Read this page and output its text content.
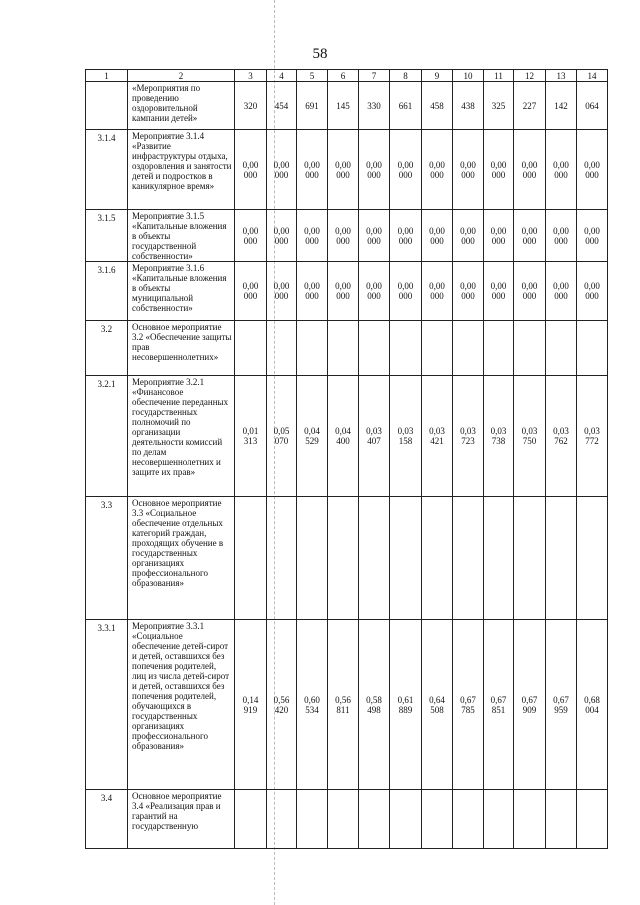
58
1	2	3	4	5	6	7	8	9	10	11	12	13	14
	«Мероприятия по проведению оздоровительной кампании детей»	320	454	691	145	330	661	458	438	325	227	142	064
3.1.4	Мероприятие 3.1.4 «Развитие инфраструктуры отдыха, оздоровления и занятости детей и подростков в каникулярное время»	0,00 000	0,00 000	0,00 000	0,00 000	0,00 000	0,00 000	0,00 000	0,00 000	0,00 000	0,00 000	0,00 000	0,00 000
3.1.5	Мероприятие 3.1.5 «Капитальные вложения в объекты государственной собственности»	0,00 000	0,00 000	0,00 000	0,00 000	0,00 000	0,00 000	0,00 000	0,00 000	0,00 000	0,00 000	0,00 000	0,00 000
3.1.6	Мероприятие 3.1.6 «Капитальные вложения в объекты муниципальной собственности»	0,00 000	0,00 000	0,00 000	0,00 000	0,00 000	0,00 000	0,00 000	0,00 000	0,00 000	0,00 000	0,00 000	0,00 000
3.2	Основное мероприятие 3.2 «Обеспечение защиты прав несовершеннолетних»												
3.2.1	Мероприятие 3.2.1 «Финансовое обеспечение переданных государственных полномочий по организации деятельности комиссий по делам несовершеннолетних и защите их прав»	0,01 313	0,05 070	0,04 529	0,04 400	0,03 407	0,03 158	0,03 421	0,03 723	0,03 738	0,03 750	0,03 762	0,03 772
3.3	Основное мероприятие 3.3 «Социальное обеспечение отдельных категорий граждан, проходящих обучение в государственных организациях профессионального образования»												
3.3.1	Мероприятие 3.3.1 «Социальное обеспечение детей-сирот и детей, оставшихся без попечения родителей, лиц из числа детей-сирот и детей, оставшихся без попечения родителей, обучающихся в государственных организациях профессионального образования»	0,14 919	0,56 420	0,60 534	0,56 811	0,58 498	0,61 889	0,64 508	0,67 785	0,67 851	0,67 909	0,67 959	0,68 004
3.4	Основное мероприятие 3.4 «Реализация прав и гарантий на государственную												
